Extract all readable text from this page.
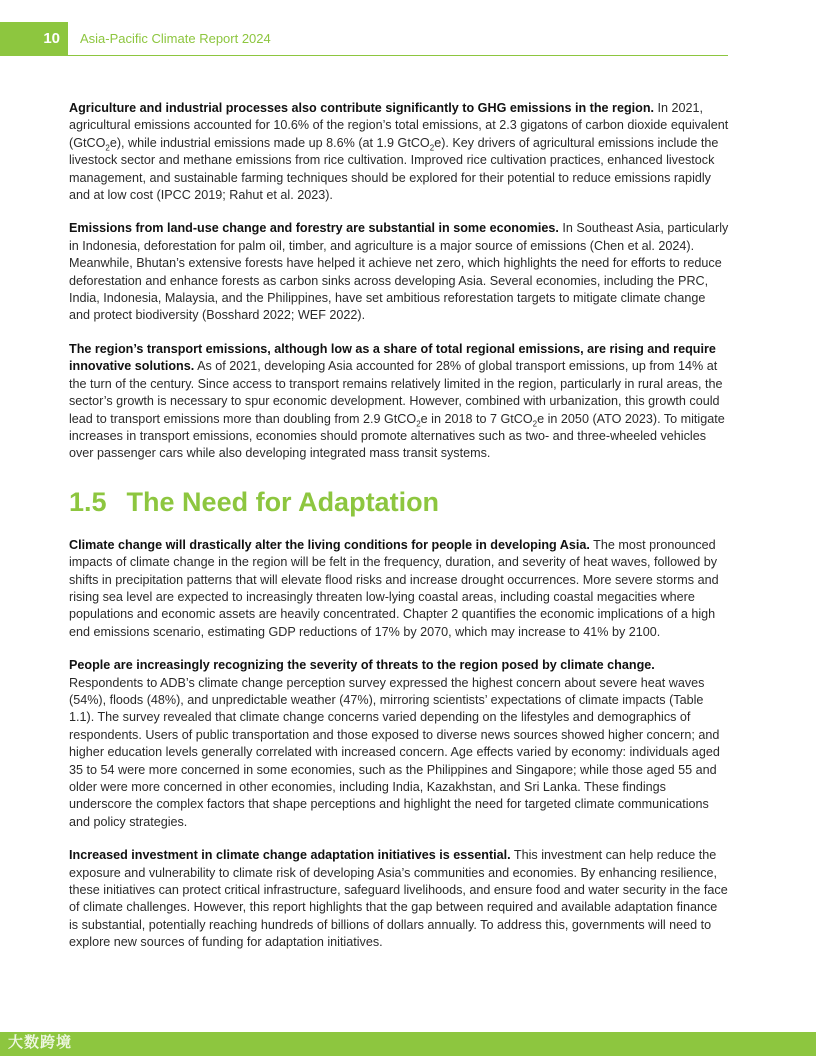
10	Asia-Pacific Climate Report 2024

Agriculture and industrial processes also contribute significantly to GHG emissions in the region. In 2021, agricultural emissions accounted for 10.6% of the region’s total emissions, at 2.3 gigatons of carbon dioxide equivalent (GtCO$_2$e), while industrial emissions made up 8.6% (at 1.9 GtCO$_2$e). Key drivers of agricultural emissions include the livestock sector and methane emissions from rice cultivation. Improved rice cultivation practices, enhanced livestock management, and sustainable farming techniques should be explored for their potential to reduce emissions rapidly and at low cost (IPCC 2019; Rahut et al. 2023).

Emissions from land-use change and forestry are substantial in some economies. In Southeast Asia, particularly in Indonesia, deforestation for palm oil, timber, and agriculture is a major source of emissions (Chen et al. 2024). Meanwhile, Bhutan’s extensive forests have helped it achieve net zero, which highlights the need for efforts to reduce deforestation and enhance forests as carbon sinks across developing Asia. Several economies, including the PRC, India, Indonesia, Malaysia, and the Philippines, have set ambitious reforestation targets to mitigate climate change and protect biodiversity (Bosshard 2022; WEF 2022).

The region’s transport emissions, although low as a share of total regional emissions, are rising and require innovative solutions. As of 2021, developing Asia accounted for 28% of global transport emissions, up from 14% at the turn of the century. Since access to transport remains relatively limited in the region, particularly in rural areas, the sector’s growth is necessary to spur economic development. However, combined with urbanization, this growth could lead to transport emissions more than doubling from 2.9 GtCO$_2$e in 2018 to 7 GtCO$_2$e in 2050 (ATO 2023). To mitigate increases in transport emissions, economies should promote alternatives such as two- and three-wheeled vehicles over passenger cars while also developing integrated mass transit systems.

1.5 The Need for Adaptation

Climate change will drastically alter the living conditions for people in developing Asia. The most pronounced impacts of climate change in the region will be felt in the frequency, duration, and severity of heat waves, followed by shifts in precipitation patterns that will elevate flood risks and increase drought occurrences. More severe storms and rising sea level are expected to increasingly threaten low-lying coastal areas, including coastal megacities where populations and economic assets are heavily concentrated. Chapter 2 quantifies the economic implications of a high end emissions scenario, estimating GDP reductions of 17% by 2070, which may increase to 41% by 2100.

People are increasingly recognizing the severity of threats to the region posed by climate change. Respondents to ADB’s climate change perception survey expressed the highest concern about severe heat waves (54%), floods (48%), and unpredictable weather (47%), mirroring scientists’ expectations of climate impacts (Table 1.1). The survey revealed that climate change concerns varied depending on the lifestyles and demographics of respondents. Users of public transportation and those exposed to diverse news sources showed higher concern; and higher education levels generally correlated with increased concern. Age effects varied by economy: individuals aged 35 to 54 were more concerned in some economies, such as the Philippines and Singapore; while those aged 55 and older were more concerned in other economies, including India, Kazakhstan, and Sri Lanka. These findings underscore the complex factors that shape perceptions and highlight the need for targeted climate communications and policy strategies.

Increased investment in climate change adaptation initiatives is essential. This investment can help reduce the exposure and vulnerability to climate risk of developing Asia’s communities and economies. By enhancing resilience, these initiatives can protect critical infrastructure, safeguard livelihoods, and ensure food and water security in the face of climate challenges. However, this report highlights that the gap between required and available adaptation finance is substantial, potentially reaching hundreds of billions of dollars annually. To address this, governments will need to explore new sources of funding for adaptation initiatives.

大数跨境
